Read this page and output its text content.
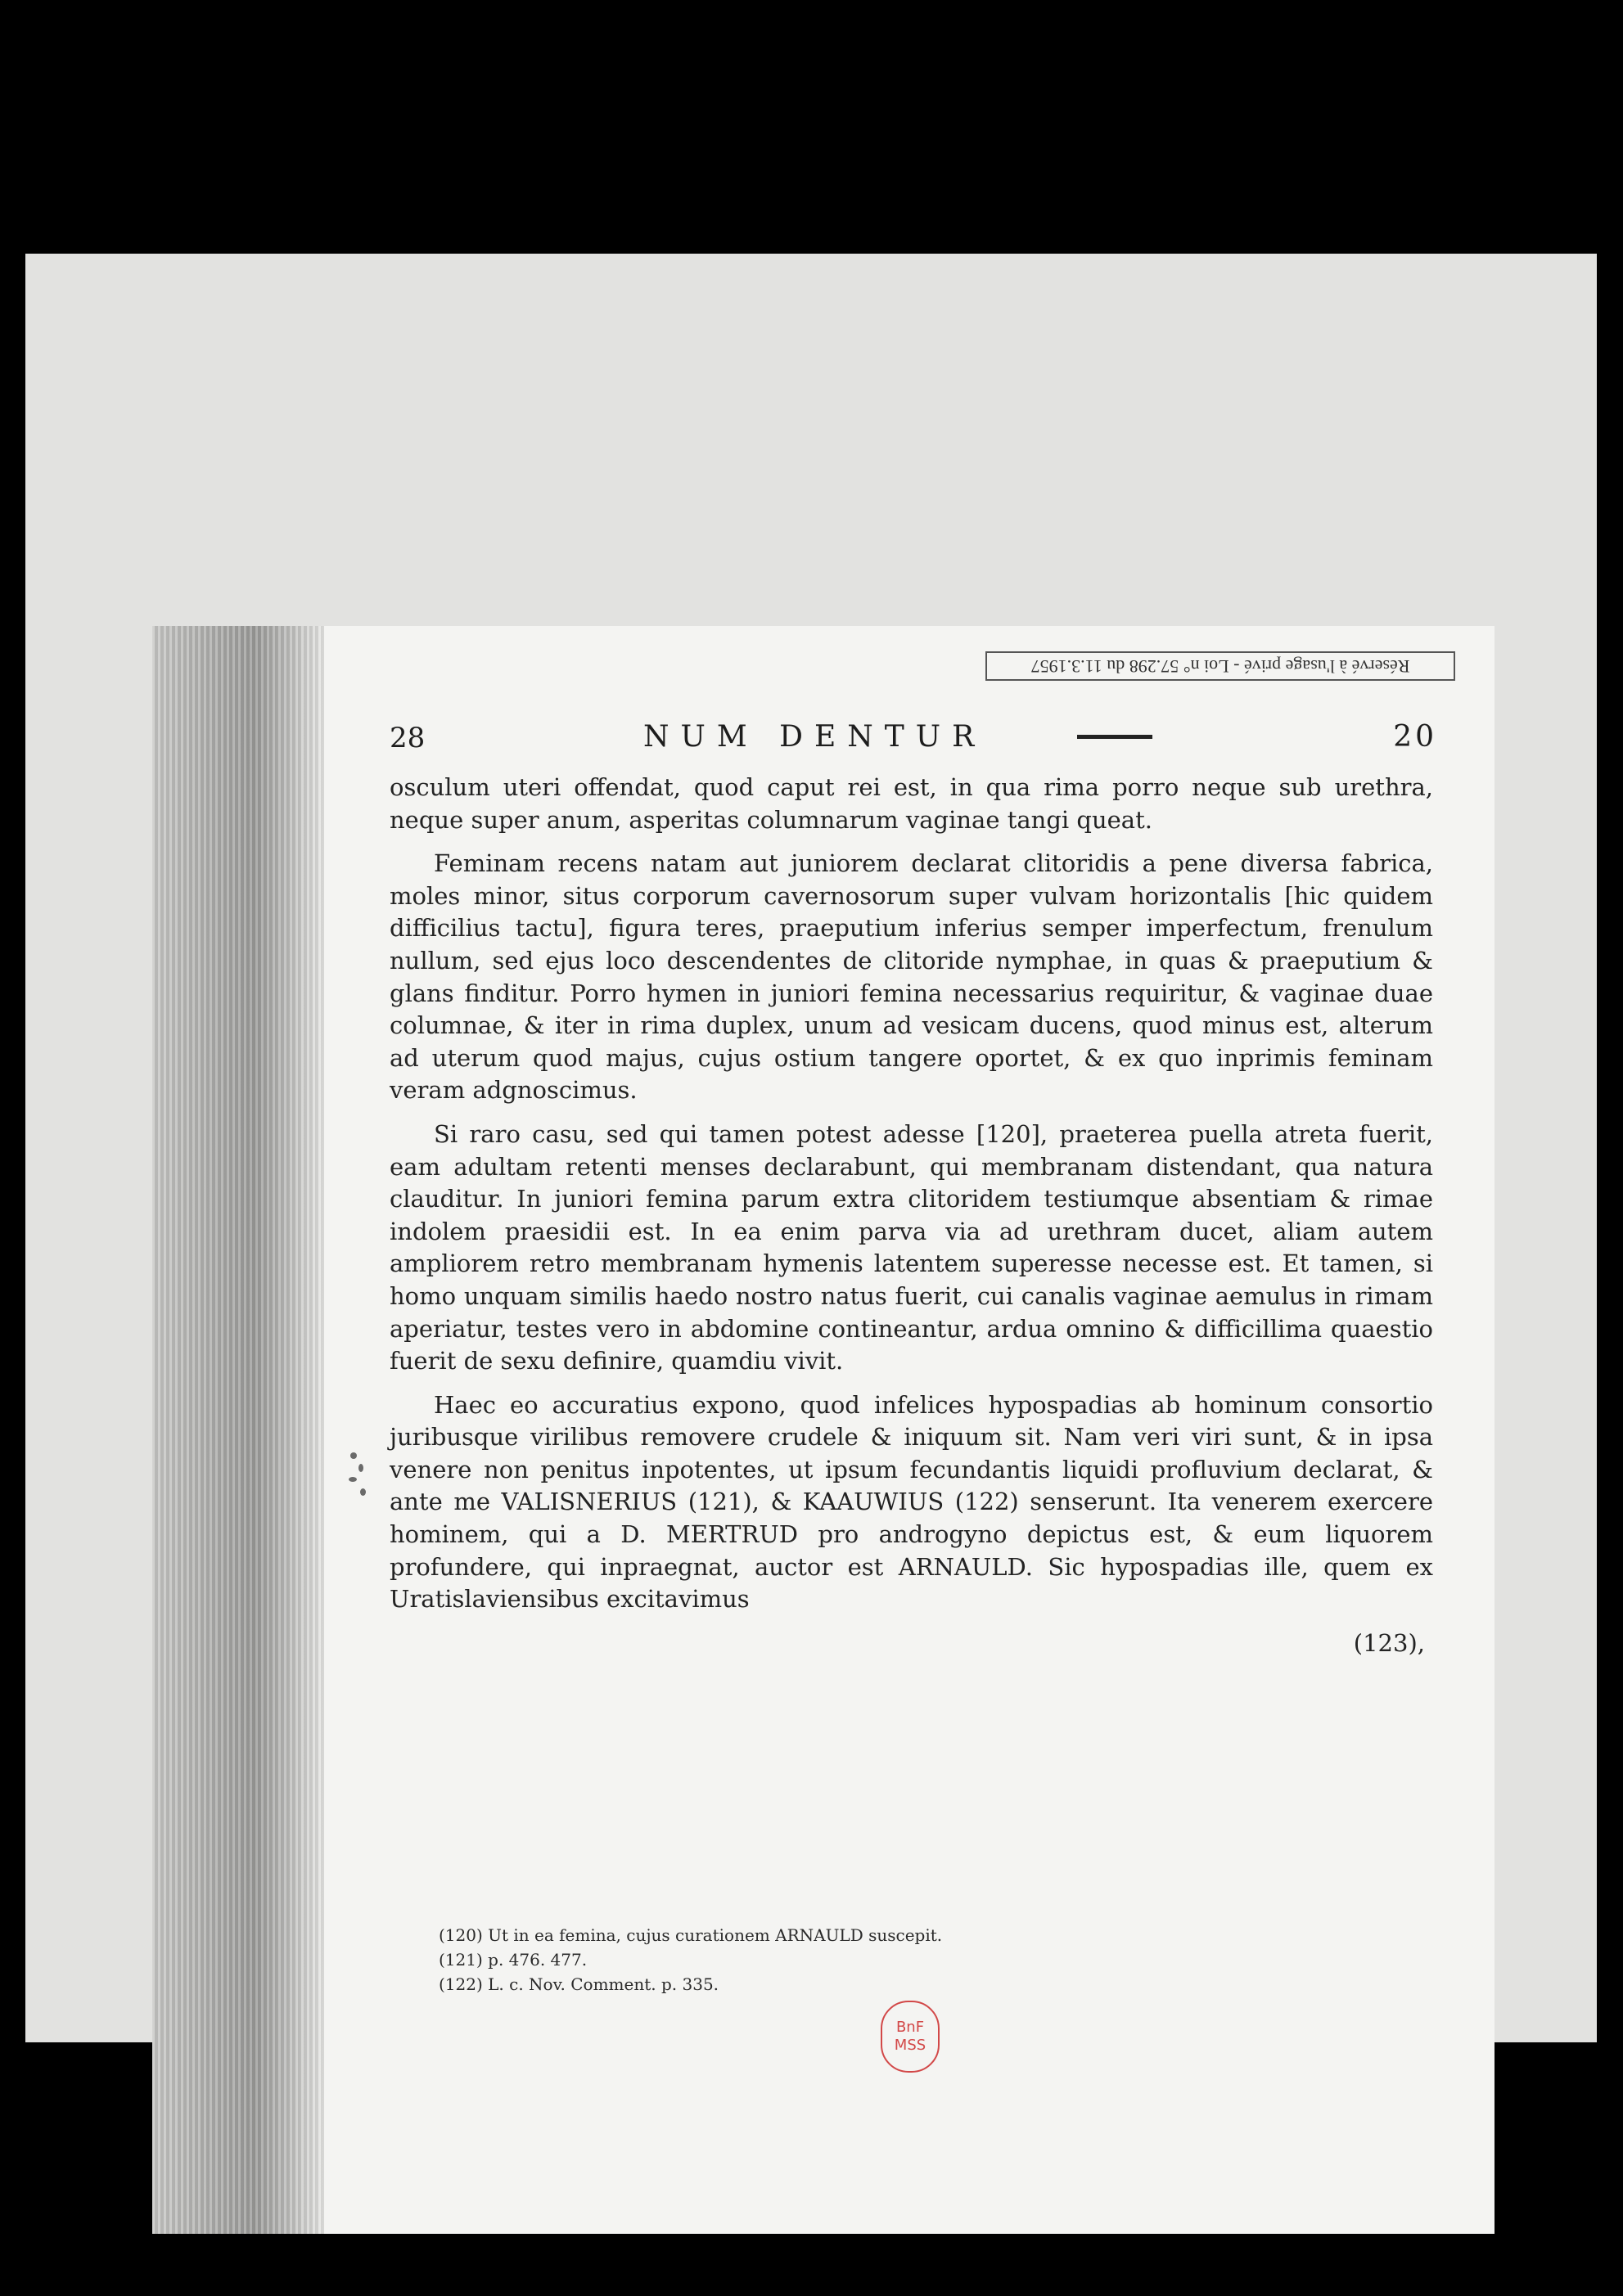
Réservé à l'usage privé - Loi n° 57.298 du 11.3.1957
28	NUM DENTUR	20

osculum uteri offendat, quod caput rei est, in qua rima porro neque sub urethra, neque super anum, asperitas columnarum vaginae tangi queat.

Feminam recens natam aut juniorem declarat clitoridis a pene diversa fabrica, moles minor, situs corporum cavernosorum super vulvam horizontalis [hic quidem difficilius tactu], figura teres, praeputium inferius semper imperfectum, frenulum nullum, sed ejus loco descendentes de clitoride nymphae, in quas & praeputium & glans finditur. Porro hymen in juniori femina necessarius requiritur, & vaginae duae columnae, & iter in rima duplex, unum ad vesicam ducens, quod minus est, alterum ad uterum quod majus, cujus ostium tangere oportet, & ex quo inprimis feminam veram adgnoscimus.

Si raro casu, sed qui tamen potest adesse [120], praeterea puella atreta fuerit, eam adultam retenti menses declarabunt, qui membranam distendant, qua natura clauditur. In juniori femina parum extra clitoridem testiumque absentiam & rimae indolem praesidii est. In ea enim parva via ad urethram ducet, aliam autem ampliorem retro membranam hymenis latentem superesse necesse est. Et tamen, si homo unquam similis haedo nostro natus fuerit, cui canalis vaginae aemulus in rimam aperiatur, testes vero in abdomine contineantur, ardua omnino & difficillima quaestio fuerit de sexu definire, quamdiu vivit.

Haec eo accuratius expono, quod infelices hypospadias ab hominum consortio juribusque virilibus removere crudele & iniquum sit. Nam veri viri sunt, & in ipsa venere non penitus inpotentes, ut ipsum fecundantis liquidi profluvium declarat, & ante me VALISNERIUS (121), & KAAUWIUS (122) senserunt. Ita venerem exercere hominem, qui a D. MERTRUD pro androgyno depictus est, & eum liquorem profundere, qui inpraegnat, auctor est ARNAULD. Sic hypospadias ille, quem ex Uratislaviensibus excitavimus

(123),
(120) Ut in ea femina, cujus curationem ARNAULD suscepit.
(121) p. 476. 477.
(122) L. c. Nov. Comment. p. 335.
BnF
MSS
